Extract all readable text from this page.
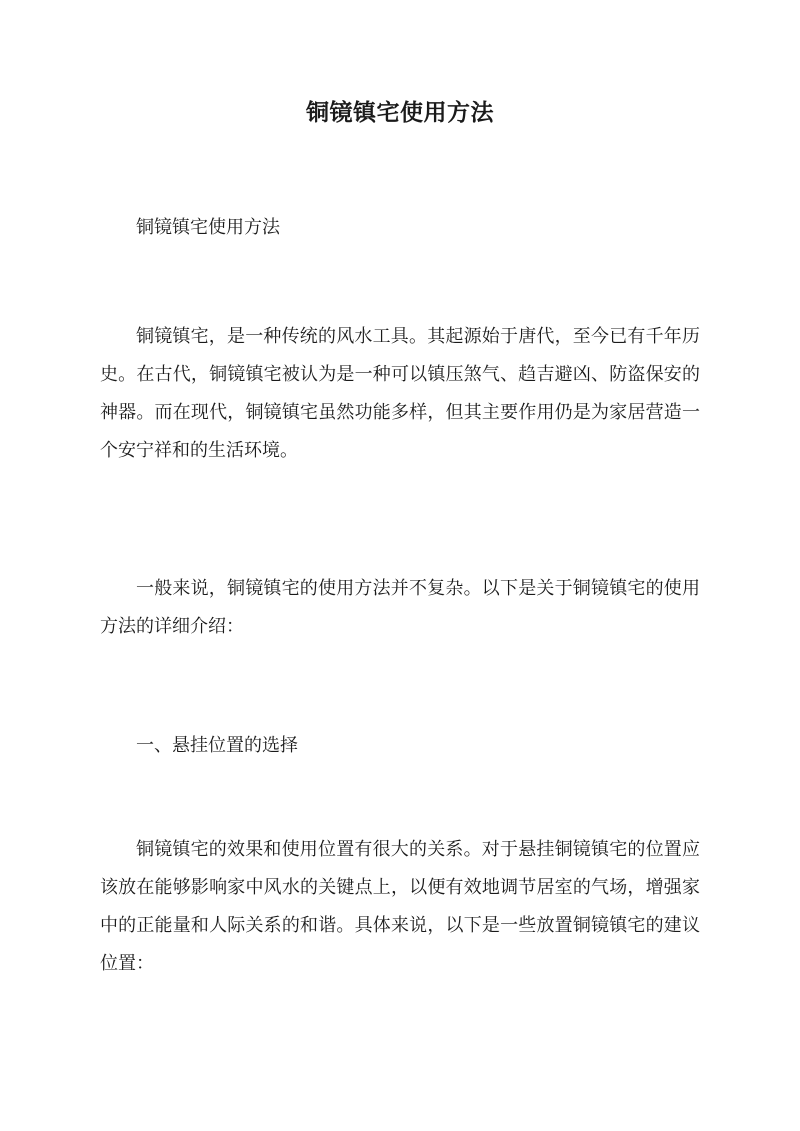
铜镜镇宅使用方法

铜镜镇宅使用方法

铜镜镇宅，是一种传统的风水工具。其起源始于唐代，至今已有千年历史。在古代，铜镜镇宅被认为是一种可以镇压煞气、趋吉避凶、防盗保安的神器。而在现代，铜镜镇宅虽然功能多样，但其主要作用仍是为家居营造一个安宁祥和的生活环境。

一般来说，铜镜镇宅的使用方法并不复杂。以下是关于铜镜镇宅的使用方法的详细介绍：

一、悬挂位置的选择

铜镜镇宅的效果和使用位置有很大的关系。对于悬挂铜镜镇宅的位置应该放在能够影响家中风水的关键点上，以便有效地调节居室的气场，增强家中的正能量和人际关系的和谐。具体来说，以下是一些放置铜镜镇宅的建议位置：
